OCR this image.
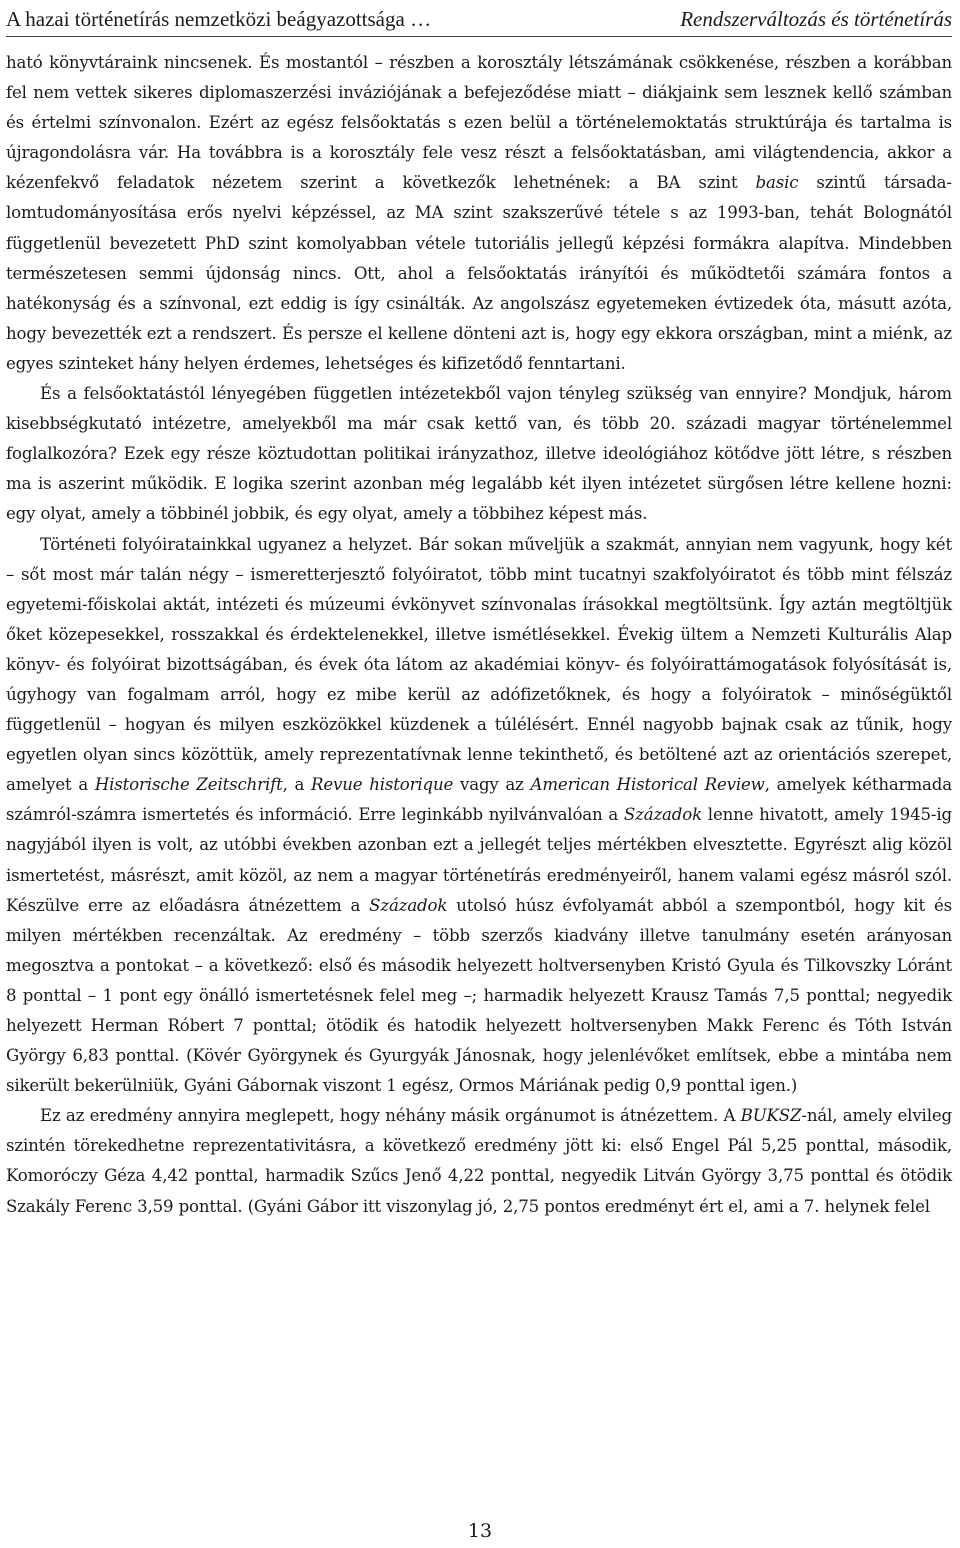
A hazai történetírás nemzetközi beágyazottsága …	Rendszerváltozás és történetírás

ható könyvtáraink nincsenek. És mostantól – részben a korosztály létszámának csökkenése, részben a korábban fel nem vettek sikeres diplomaszerzési inváziójának a befejeződése miatt – diákjaink sem lesznek kellő számban és értelmi színvonalon. Ezért az egész felsőoktatás s ezen belül a történelemoktatás struktúrája és tartalma is újragondolásra vár. Ha továbbra is a korosztály fele vesz részt a felsőoktatásban, ami világtendencia, akkor a kézenfekvő feladatok nézetem szerint a következők lehetnének: a BA szint basic szintű társadalomtudományosítása erős nyelvi képzéssel, az MA szint szakszerűvé tétele s az 1993-ban, tehát Bolognától függetlenül bevezetett PhD szint komolyabban vétele tutoriális jellegű képzési formákra alapítva. Mindebben természetesen semmi újdonság nincs. Ott, ahol a felsőoktatás irányítói és működtetői számára fontos a hatékonyság és a színvonal, ezt eddig is így csinálták. Az angolszász egyetemeken évtizedek óta, másutt azóta, hogy bevezették ezt a rendszert. És persze el kellene dönteni azt is, hogy egy ekkora országban, mint a miénk, az egyes szinteket hány helyen érdemes, lehetséges és kifizetődő fenntartani.

És a felsőoktatástól lényegében független intézetekből vajon tényleg szükség van ennyire? Mondjuk, három kisebbségkutató intézetre, amelyekből ma már csak kettő van, és több 20. századi magyar történelemmel foglalkozóra? Ezek egy része köztudottan politikai irányzathoz, illetve ideológiához kötődve jött létre, s részben ma is aszerint működik. E logika szerint azonban még legalább két ilyen intézetet sürgősen létre kellene hozni: egy olyat, amely a többinél jobbik, és egy olyat, amely a többihez képest más.

Történeti folyóiratainkkal ugyanez a helyzet. Bár sokan műveljük a szakmát, annyian nem vagyunk, hogy két – sőt most már talán négy – ismeretterjesztő folyóiratot, több mint tucatnyi szakfolyóiratot és több mint félszáz egyetemi-főiskolai aktát, intézeti és múzeumi évkönyvet színvonalas írásokkal megtöltsünk. Így aztán megtöltjük őket közepesekkel, rosszakkal és érdektelenekkel, illetve ismétlésekkel. Évekig ültem a Nemzeti Kulturális Alap könyv- és folyóirat bizottságában, és évek óta látom az akadémiai könyv- és folyóirattámogatások folyósítását is, úgyhogy van fogalmam arról, hogy ez mibe kerül az adófizetőknek, és hogy a folyóiratok – minőségüktől függetlenül – hogyan és milyen eszközökkel küzdenek a túlélésért. Ennél nagyobb bajnak csak az tűnik, hogy egyetlen olyan sincs közöttük, amely reprezentatívnak lenne tekinthető, és betöltené azt az orientációs szerepet, amelyet a Historische Zeitschrift, a Revue historique vagy az American Historical Review, amelyek kétharmada számról-számra ismertetés és információ. Erre leginkább nyilvánvalóan a Századok lenne hivatott, amely 1945-ig nagyjából ilyen is volt, az utóbbi években azonban ezt a jellegét teljes mértékben elvesztette. Egyrészt alig közöl ismertetést, másrészt, amit közöl, az nem a magyar történetírás eredményeiről, hanem valami egész másról szól. Készülve erre az előadásra átnézettem a Századok utolsó húsz évfolyamát abból a szempontból, hogy kit és milyen mértékben recenzáltak. Az eredmény – több szerzős kiadvány illetve tanulmány esetén arányosan megosztva a pontokat – a következő: első és második helyezett holtversenyben Kristó Gyula és Tilkovszky Lóránt 8 ponttal – 1 pont egy önálló ismertetésnek felel meg –; harmadik helyezett Krausz Tamás 7,5 ponttal; negyedik helyezett Herman Róbert 7 ponttal; ötödik és hatodik helyezett holtversenyben Makk Ferenc és Tóth István György 6,83 ponttal. (Kövér Györgynek és Gyurgyák Jánosnak, hogy jelenlévőket említsek, ebbe a mintába nem sikerült bekerülniük, Gyáni Gábornak viszont 1 egész, Ormos Máriának pedig 0,9 ponttal igen.)

Ez az eredmény annyira meglepett, hogy néhány másik orgánumot is átnézettem. A BUKSZ-nál, amely elvileg szintén törekedhetne reprezentativitásra, a következő eredmény jött ki: első Engel Pál 5,25 ponttal, második, Komoróczy Géza 4,42 ponttal, harmadik Szűcs Jenő 4,22 ponttal, negyedik Litván György 3,75 ponttal és ötödik Szakály Ferenc 3,59 ponttal. (Gyáni Gábor itt viszonylag jó, 2,75 pontos eredményt ért el, ami a 7. helynek felel

13
